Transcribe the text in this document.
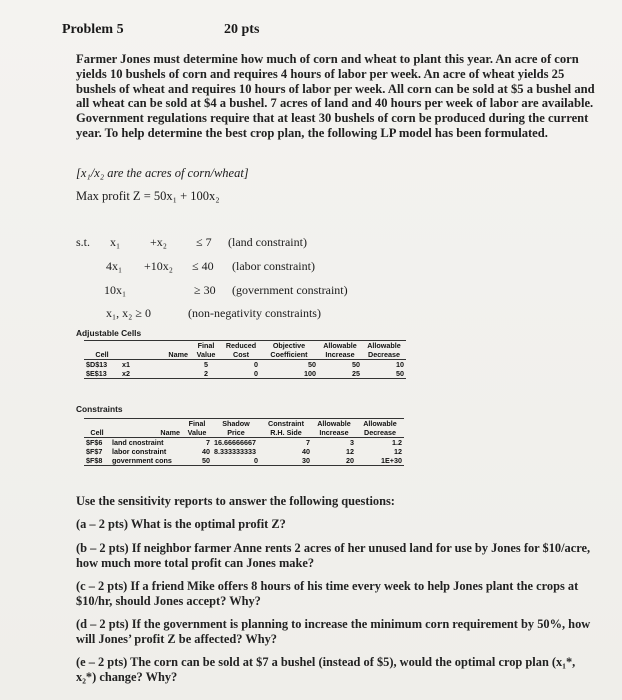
Problem 5	20 pts
Farmer Jones must determine how much of corn and wheat to plant this year. An acre of corn yields 10 bushels of corn and requires 4 hours of labor per week. An acre of wheat yields 25 bushels of wheat and requires 10 hours of labor per week. All corn can be sold at $5 a bushel and all wheat can be sold at $4 a bushel. 7 acres of land and 40 hours per week of labor are available. Government regulations require that at least 30 bushels of corn be produced during the current year. To help determine the best crop plan, the following LP model has been formulated.
[x₁/x₂ are the acres of corn/wheat]
Max profit Z = 50x₁ + 100x₂
s.t. x₁ +x₂ ≤ 7 (land constraint)
4x₁ +10x₂ ≤ 40 (labor constraint)
10x₁	≥ 30 (government constraint)
x₁, x₂ ≥ 0	(non-negativity constraints)
Adjustable Cells
		Final	Reduced	Objective	Allowable	Allowable
Cell	Name	Value	Cost	Coefficient	Increase	Decrease
$D$13	x1	5	0	50	50	10
$E$13	x2	2	0	100	25	50
Constraints
		Final	Shadow	Constraint	Allowable	Allowable
Cell	Name	Value	Price	R.H. Side	Increase	Decrease
$F$6	land cnostraint	7	16.66666667	7	3	1.2
$F$7	labor constraint	40	8.333333333	40	12	12
$F$8	government cons	50	0	30	20	1E+30
Use the sensitivity reports to answer the following questions:
(a – 2 pts) What is the optimal profit Z?
(b – 2 pts) If neighbor farmer Anne rents 2 acres of her unused land for use by Jones for $10/acre, how much more total profit can Jones make?
(c – 2 pts) If a friend Mike offers 8 hours of his time every week to help Jones plant the crops at $10/hr, should Jones accept? Why?
(d – 2 pts) If the government is planning to increase the minimum corn requirement by 50%, how will Jones’ profit Z be affected? Why?
(e – 2 pts) The corn can be sold at $7 a bushel (instead of $5), would the optimal crop plan (x₁*, x₂*) change? Why?
